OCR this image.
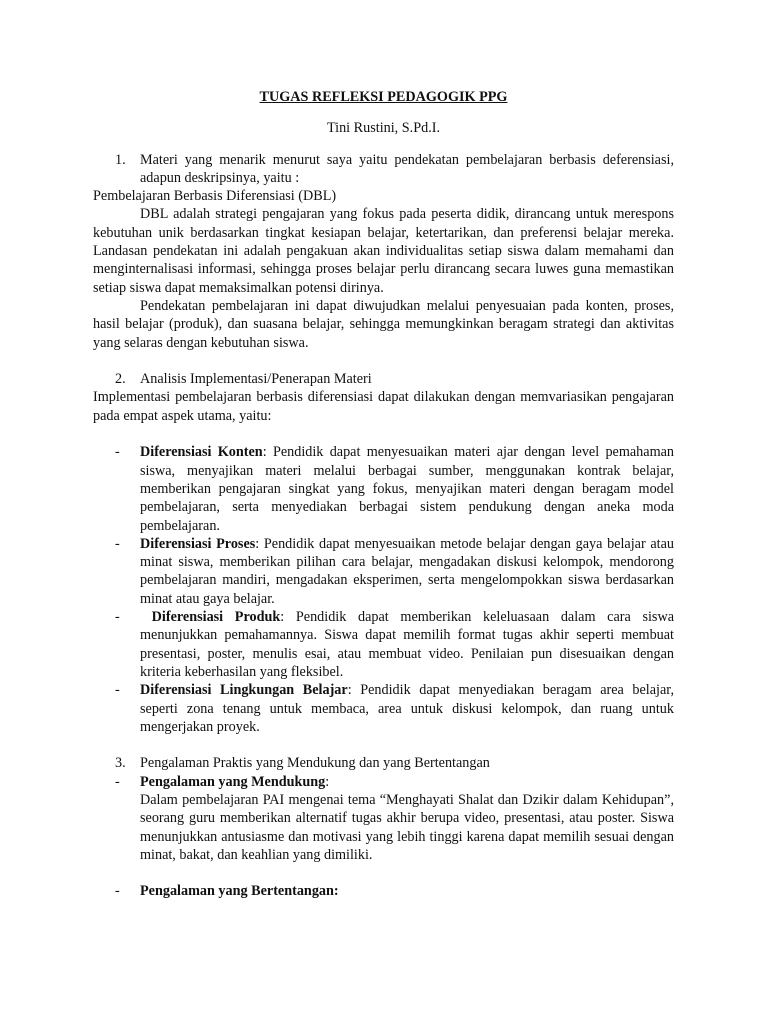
TUGAS REFLEKSI PEDAGOGIK PPG

Tini Rustini, S.Pd.I.

1. Materi yang menarik menurut saya yaitu pendekatan pembelajaran berbasis deferensiasi, adapun deskripsinya, yaitu :

Pembelajaran Berbasis Diferensiasi (DBL)

DBL adalah strategi pengajaran yang fokus pada peserta didik, dirancang untuk merespons kebutuhan unik berdasarkan tingkat kesiapan belajar, ketertarikan, dan preferensi belajar mereka. Landasan pendekatan ini adalah pengakuan akan individualitas setiap siswa dalam memahami dan menginternalisasi informasi, sehingga proses belajar perlu dirancang secara luwes guna memastikan setiap siswa dapat memaksimalkan potensi dirinya.

Pendekatan pembelajaran ini dapat diwujudkan melalui penyesuaian pada konten, proses, hasil belajar (produk), dan suasana belajar, sehingga memungkinkan beragam strategi dan aktivitas yang selaras dengan kebutuhan siswa.

2. Analisis Implementasi/Penerapan Materi

Implementasi pembelajaran berbasis diferensiasi dapat dilakukan dengan memvariasikan pengajaran pada empat aspek utama, yaitu:

- Diferensiasi Konten: Pendidik dapat menyesuaikan materi ajar dengan level pemahaman siswa, menyajikan materi melalui berbagai sumber, menggunakan kontrak belajar, memberikan pengajaran singkat yang fokus, menyajikan materi dengan beragam model pembelajaran, serta menyediakan berbagai sistem pendukung dengan aneka moda pembelajaran.
- Diferensiasi Proses: Pendidik dapat menyesuaikan metode belajar dengan gaya belajar atau minat siswa, memberikan pilihan cara belajar, mengadakan diskusi kelompok, mendorong pembelajaran mandiri, mengadakan eksperimen, serta mengelompokkan siswa berdasarkan minat atau gaya belajar.
- Diferensiasi Produk: Pendidik dapat memberikan keleluasaan dalam cara siswa menunjukkan pemahamannya. Siswa dapat memilih format tugas akhir seperti membuat presentasi, poster, menulis esai, atau membuat video. Penilaian pun disesuaikan dengan kriteria keberhasilan yang fleksibel.
- Diferensiasi Lingkungan Belajar: Pendidik dapat menyediakan beragam area belajar, seperti zona tenang untuk membaca, area untuk diskusi kelompok, dan ruang untuk mengerjakan proyek.
3. Pengalaman Praktis yang Mendukung dan yang Bertentangan
- Pengalaman yang Mendukung:

Dalam pembelajaran PAI mengenai tema “Menghayati Shalat dan Dzikir dalam Kehidupan”, seorang guru memberikan alternatif tugas akhir berupa video, presentasi, atau poster. Siswa menunjukkan antusiasme dan motivasi yang lebih tinggi karena dapat memilih sesuai dengan minat, bakat, dan keahlian yang dimiliki.

- Pengalaman yang Bertentangan:
